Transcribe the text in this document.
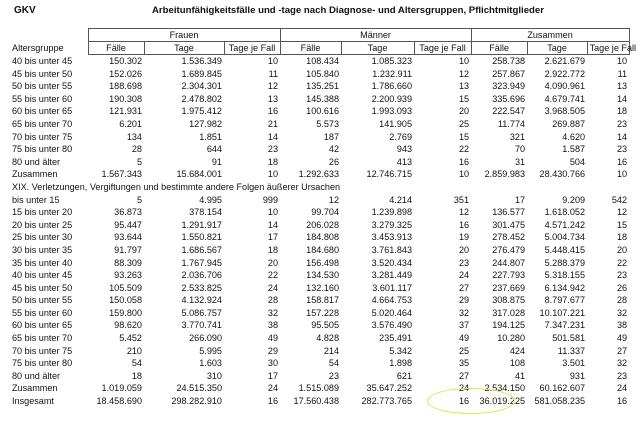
GKV	Arbeitunfähigkeitsfälle und -tage nach Diagnose- und Altersgruppen, Pflichtmitglieder
	Frauen			Männer			Zusammen		
Altersgruppe	Fälle	Tage	Tage je Fall	Fälle	Tage	Tage je Fall	Fälle	Tage	Tage je Fall
40 bis unter 45	150.302	1.536.349	10	108.434	1.085.323	10	258.738	2.621.679	10
45 bis unter 50	152.026	1.689.845	11	105.840	1.232.911	12	257.867	2.922.772	11
50 bis unter 55	188.698	2.304.301	12	135.251	1.786.660	13	323.949	4.090.961	13
55 bis unter 60	190.308	2.478.802	13	145.388	2.200.939	15	335.696	4.679.741	14
60 bis unter 65	121.931	1.975.412	16	100.616	1.993.093	20	222.547	3.968.505	18
65 bis unter 70	6.201	127.982	21	5.573	141.905	25	11.774	269.887	23
70 bis unter 75	134	1.851	14	187	2.769	15	321	4.620	14
75 bis unter 80	28	644	23	42	943	22	70	1.587	23
80 und älter	5	91	18	26	413	16	31	504	16
Zusammen	1.567.343	15.684.001	10	1.292.633	12.746.715	10	2.859.983	28.430.766	10
XIX. Verletzungen, Vergiftungen und bestimmte andere Folgen äußerer Ursachen									
bis unter 15	5	4.995	999	12	4.214	351	17	9.209	542
15 bis unter 20	36.873	378.154	10	99.704	1.239.898	12	136.577	1.618.052	12
20 bis unter 25	95.447	1.291.917	14	206.028	3.279.325	16	301.475	4.571.242	15
25 bis unter 30	93.644	1.550.821	17	184.808	3.453.913	19	278.452	5.004.734	18
30 bis unter 35	91.797	1.686.567	18	184.680	3.761.843	20	276.479	5.448.415	20
35 bis unter 40	88.309	1.767.945	20	156.498	3.520.434	23	244.807	5.288.379	22
40 bis unter 45	93.263	2.036.706	22	134.530	3.281.449	24	227.793	5.318.155	23
45 bis unter 50	105.509	2.533.825	24	132.160	3.601.117	27	237.669	6.134.942	26
50 bis unter 55	150.058	4.132.924	28	158.817	4.664.753	29	308.875	8.797.677	28
55 bis unter 60	159.800	5.086.757	32	157.228	5.020.464	32	317.028	10.107.221	32
60 bis unter 65	98.620	3.770.741	38	95.505	3.576.490	37	194.125	7.347.231	38
65 bis unter 70	5.452	266.090	49	4.828	235.491	49	10.280	501.581	49
70 bis unter 75	210	5.995	29	214	5.342	25	424	11.337	27
75 bis unter 80	54	1.603	30	54	1.898	35	108	3.501	32
80 und älter	18	310	17	23	621	27	41	931	23
Zusammen	1.019.059	24.515.350	24	1.515.089	35.647.252	24	2.534.150	60.162.607	24
Insgesamt	18.458.690	298.282.910	16	17.560.438	282.773.765	16	36.019.225	581.058.235	16
